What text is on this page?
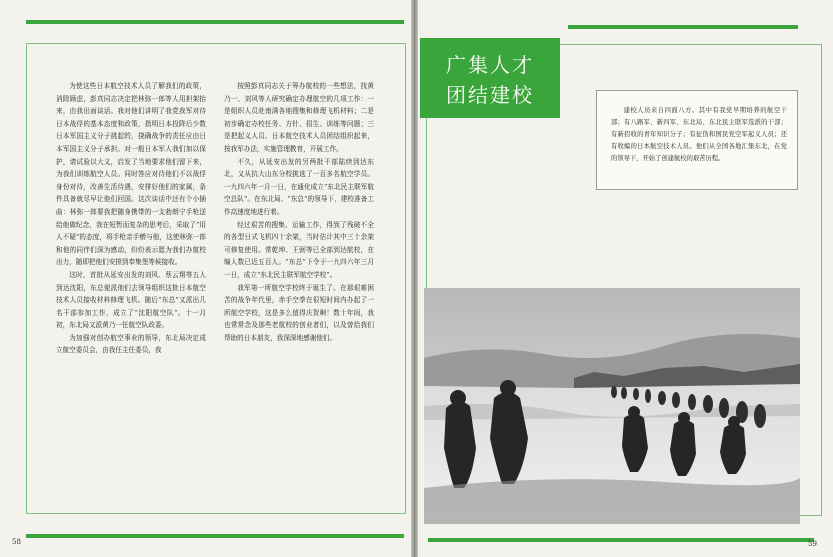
为使这些日本航空技术人员了解我们的政策，消除顾虑，彭真同志决定把林弥一郎等人用担架抬来，由我出面谈话。我对他们讲明了我党我军对待日本战俘的基本态度和政策，指明日本投降后少数日本军国主义分子挑起的，挠确战争的责任应由日本军国主义分子承担。对一般日本军人我们加以保护，请试验以大义，启发了当地要求他们留下来，为我们训练航空人员。同时答应对待他们不以战俘身份对待，改善生活待遇，安排好他们的家属，条件具备就尽早让他们回国。这次谈话中还有个小插曲：林弥一郎要我把随身携带的一支勃朗宁手枪送给他做纪念，我在短暂而复杂的思考后，采取了“用人不疑”的态度，将手枪亲手赠与他，这使林弥一郎和他的同伴们深为感动，纷纷表示愿为我们办航校出力，随即把他们安排到奉集堡等候接收。

这时，首批从延安出发的刘风、蔡云翔等五人到达沈阳，东总便派他们去领导组织这批日本航空技术人员接收材料修理飞机。随后“东总”又派出几名干部参加工作，成立了“沈阳航空队”。十一月初，东北局又派黄乃一任航空队政委。

为加强对创办航空事业的领导，东北局决定成立航空委员会，由我任主任委员，我

按照彭真同志关于筹办航校的一些想法，找黄乃一、刘风等人研究确定办理航空的几项工作：一是组织人员赴南满各地搜集和修理飞机材料；二是初步确定办校任务、方针、招生、训练等问题；三是把起义人员、日本航空技术人员团结组织起来，按我军办法，实施管理教育，开展工作。

不久，从延安出发的另两批干部陆续到达东北，又从抗大山东分校挑选了一百多名航空学员。一九四六年一月一日，在通化成立“东北民主联军航空总队”。在东北局、“东总”的领导下，建校准备工作高速度地进行着。

经过艰苦的搜集、运输工作，得到了残破不全的各型日式飞机四十余架，当时估计其中三十余架可修复使用。常乾坤、王弼等已全部到达航校，在编人数已近五百人。“东总”下令于一九四六年三月一日，成立“东北民主联军航空学校”。

我军第一所航空学校终于诞生了。在那艰难困苦的战争年代里，赤手空拳在很短时间内办起了一所航空学校，这是多么值得庆贺啊！数十年间，我也常常念及那些老航校的创业者们，以及曾给我们帮助的日本朋友，我深深地感谢他们。

58	59
广集人才
团结建校

建校人员来自四面八方。其中有我党早期培养的航空干部；有八路军、新四军、东北局、东北民主联军选派的干部；有新招收的青年知识分子；有征伪和国民党空军起义人员；还有收编的日本航空技术人员。他们从全国各地汇集东北，在党的领导下，开始了创建航校的艰苦历程。
